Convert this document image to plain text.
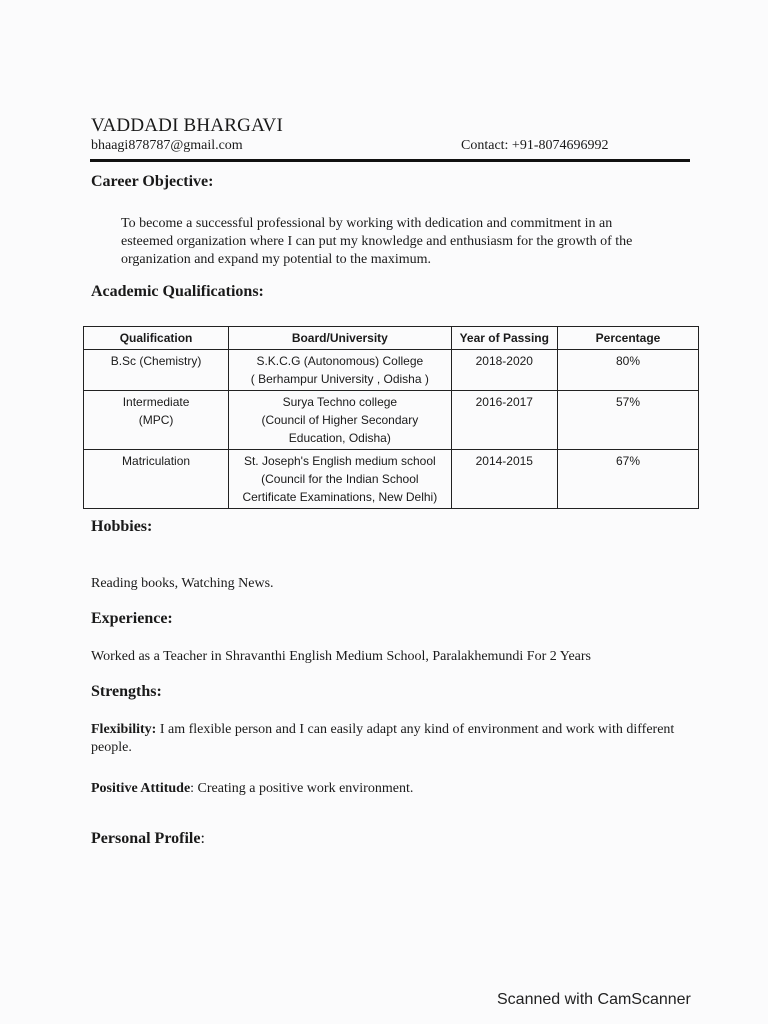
VADDADI BHARGAVI
bhaagi878787@gmail.com	Contact: +91-8074696992
Career Objective:
To become a successful professional by working with dedication and commitment in an esteemed organization where I can put my knowledge and enthusiasm for the growth of the organization and expand my potential to the maximum.
Academic Qualifications:
Qualification	Board/University	Year of Passing	Percentage

B.Sc (Chemistry)	S.K.C.G (Autonomous) College
( Berhampur University , Odisha )	2018-2020	80%

Intermediate
(MPC)	Surya Techno college
(Council of Higher Secondary
Education, Odisha)	2016-2017	57%

Matriculation	St. Joseph's English medium school
(Council for the Indian School
Certificate Examinations, New Delhi)	2014-2015	67%
Hobbies:
Reading books, Watching News.
Experience:
Worked as a Teacher in Shravanthi English Medium School, Paralakhemundi For 2 Years
Strengths:
Flexibility: I am flexible person and I can easily adapt any kind of environment and work with different people.
Positive Attitude: Creating a positive work environment.
Personal Profile:
Scanned with CamScanner
